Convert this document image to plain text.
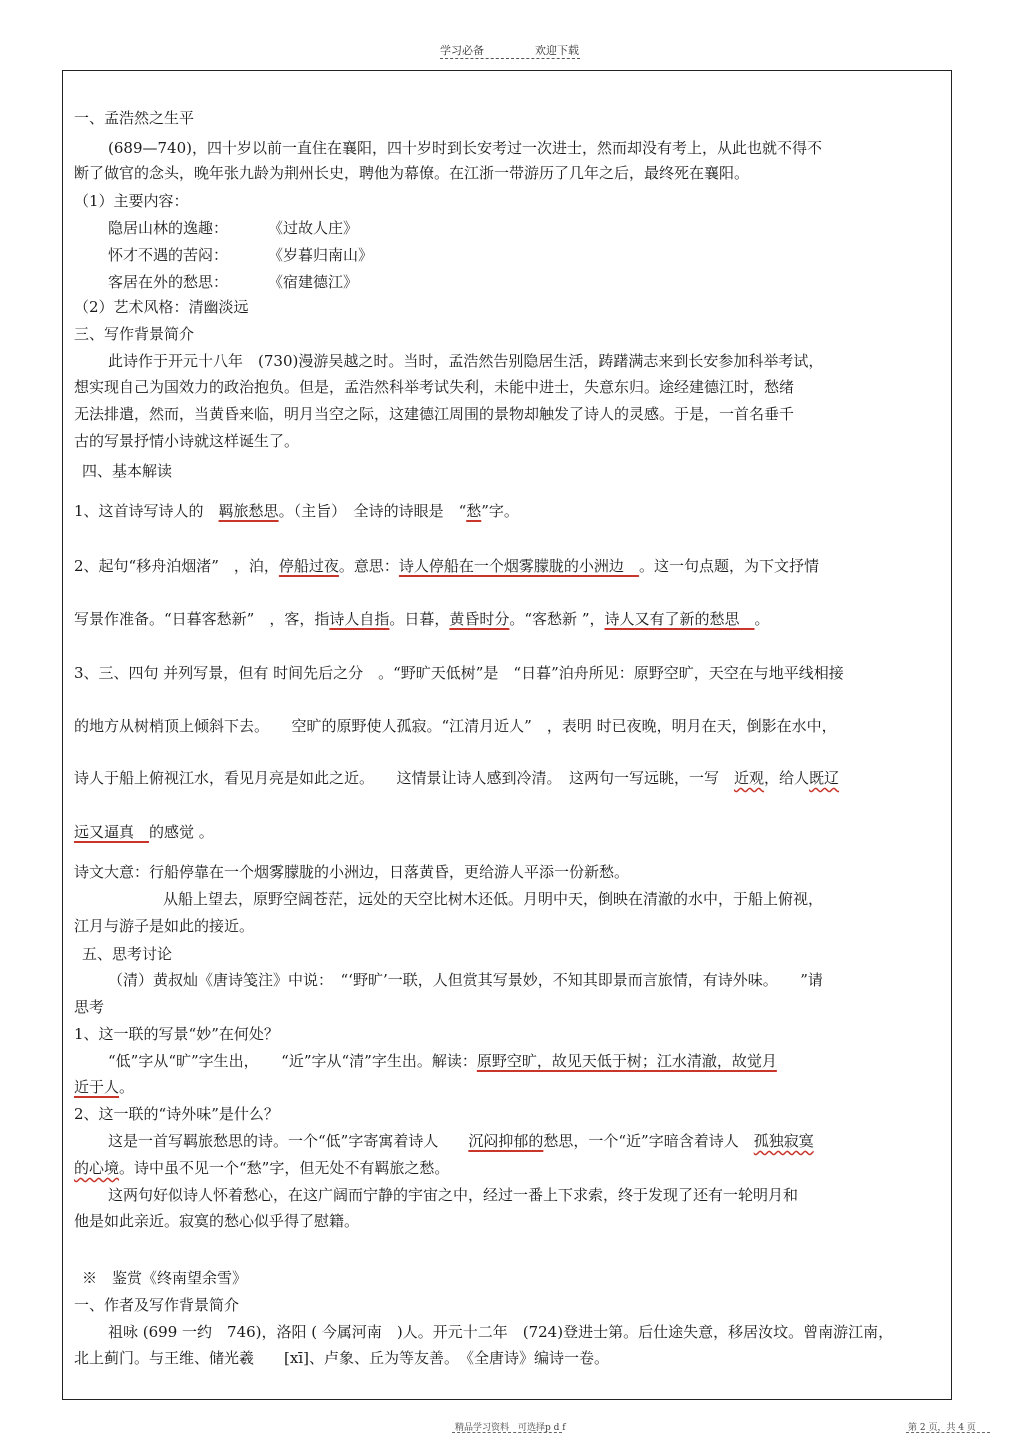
学习必备	欢迎下载
一、孟浩然之生平
(689—740)，四十岁以前一直住在襄阳，四十岁时到长安考过一次进士，然而却没有考上，从此也就不得不
断了做官的念头，晚年张九龄为荆州长史，聘他为幕僚。在江浙一带游历了几年之后，最终死在襄阳。
（1）主要内容：
隐居山林的逸趣：	《过故人庄》
怀才不遇的苦闷：	《岁暮归南山》
客居在外的愁思：	《宿建德江》
（2）艺术风格：清幽淡远
三、写作背景简介
此诗作于开元十八年　(730)漫游吴越之时。当时，孟浩然告别隐居生活，踌躇满志来到长安参加科举考试，
想实现自己为国效力的政治抱负。但是，孟浩然科举考试失利，未能中进士，失意东归。途经建德江时，愁绪
无法排遣，然而，当黄昏来临，明月当空之际，这建德江周围的景物却触发了诗人的灵感。于是，一首名垂千
古的写景抒情小诗就这样诞生了。
四、基本解读
1、这首诗写诗人的　羁旅愁思。（主旨）　全诗的诗眼是　“愁”字。
2、起句“移舟泊烟渚”　，泊，停船过夜。意思：诗人停船在一个烟雾朦胧的小洲边　。这一句点题，为下文抒情
写景作准备。“日暮客愁新”　，客，指诗人自指。日暮，黄昏时分。“客愁新 ”，诗人又有了新的愁思　。
3、三、四句 并列写景，但有 时间先后之分　。“野旷天低树”是　“日暮”泊舟所见：原野空旷，天空在与地平线相接
的地方从树梢顶上倾斜下去。　　空旷的原野使人孤寂。“江清月近人”　，表明 时已夜晚，明月在天，倒影在水中，
诗人于船上俯视江水，看见月亮是如此之近。　　这情景让诗人感到冷清。　这两句一写远眺，一写　近观，给人既辽
远又逼真　的感觉 。
诗文大意：行船停靠在一个烟雾朦胧的小洲边，日落黄昏，更给游人平添一份新愁。
从船上望去，原野空阔苍茫，远处的天空比树木还低。月明中天，倒映在清澈的水中，于船上俯视，
江月与游子是如此的接近。
五、思考讨论
（清）黄叔灿《唐诗笺注》中说：　“‘野旷’一联，人但赏其写景妙，不知其即景而言旅情，有诗外味。　　”请
思考
1、这一联的写景“妙”在何处？
“低”字从“旷”字生出，　　“近”字从“清”字生出。解读：原野空旷，故见天低于树；江水清澈，故觉月
近于人。
2、这一联的“诗外味”是什么？
这是一首写羁旅愁思的诗。一个“低”字寄寓着诗人　　沉闷抑郁的愁思，一个“近”字暗含着诗人　孤独寂寞
的心境。诗中虽不见一个“愁”字，但无处不有羁旅之愁。
这两句好似诗人怀着愁心，在这广阔而宁静的宇宙之中，经过一番上下求索，终于发现了还有一轮明月和
他是如此亲近。寂寞的愁心似乎得了慰籍。
※　鉴赏《终南望余雪》
一、作者及写作背景简介
祖咏 (699 一约　746)，洛阳 ( 今属河南　)人。开元十二年　(724)登进士第。后仕途失意，移居汝坟。曾南游江南，
北上蓟门。与王维、储光羲　　[xī]、卢象、丘为等友善。　《全唐诗》编诗一卷。
精品学习资料 可选择p d f	第 2 页，共 4 页
